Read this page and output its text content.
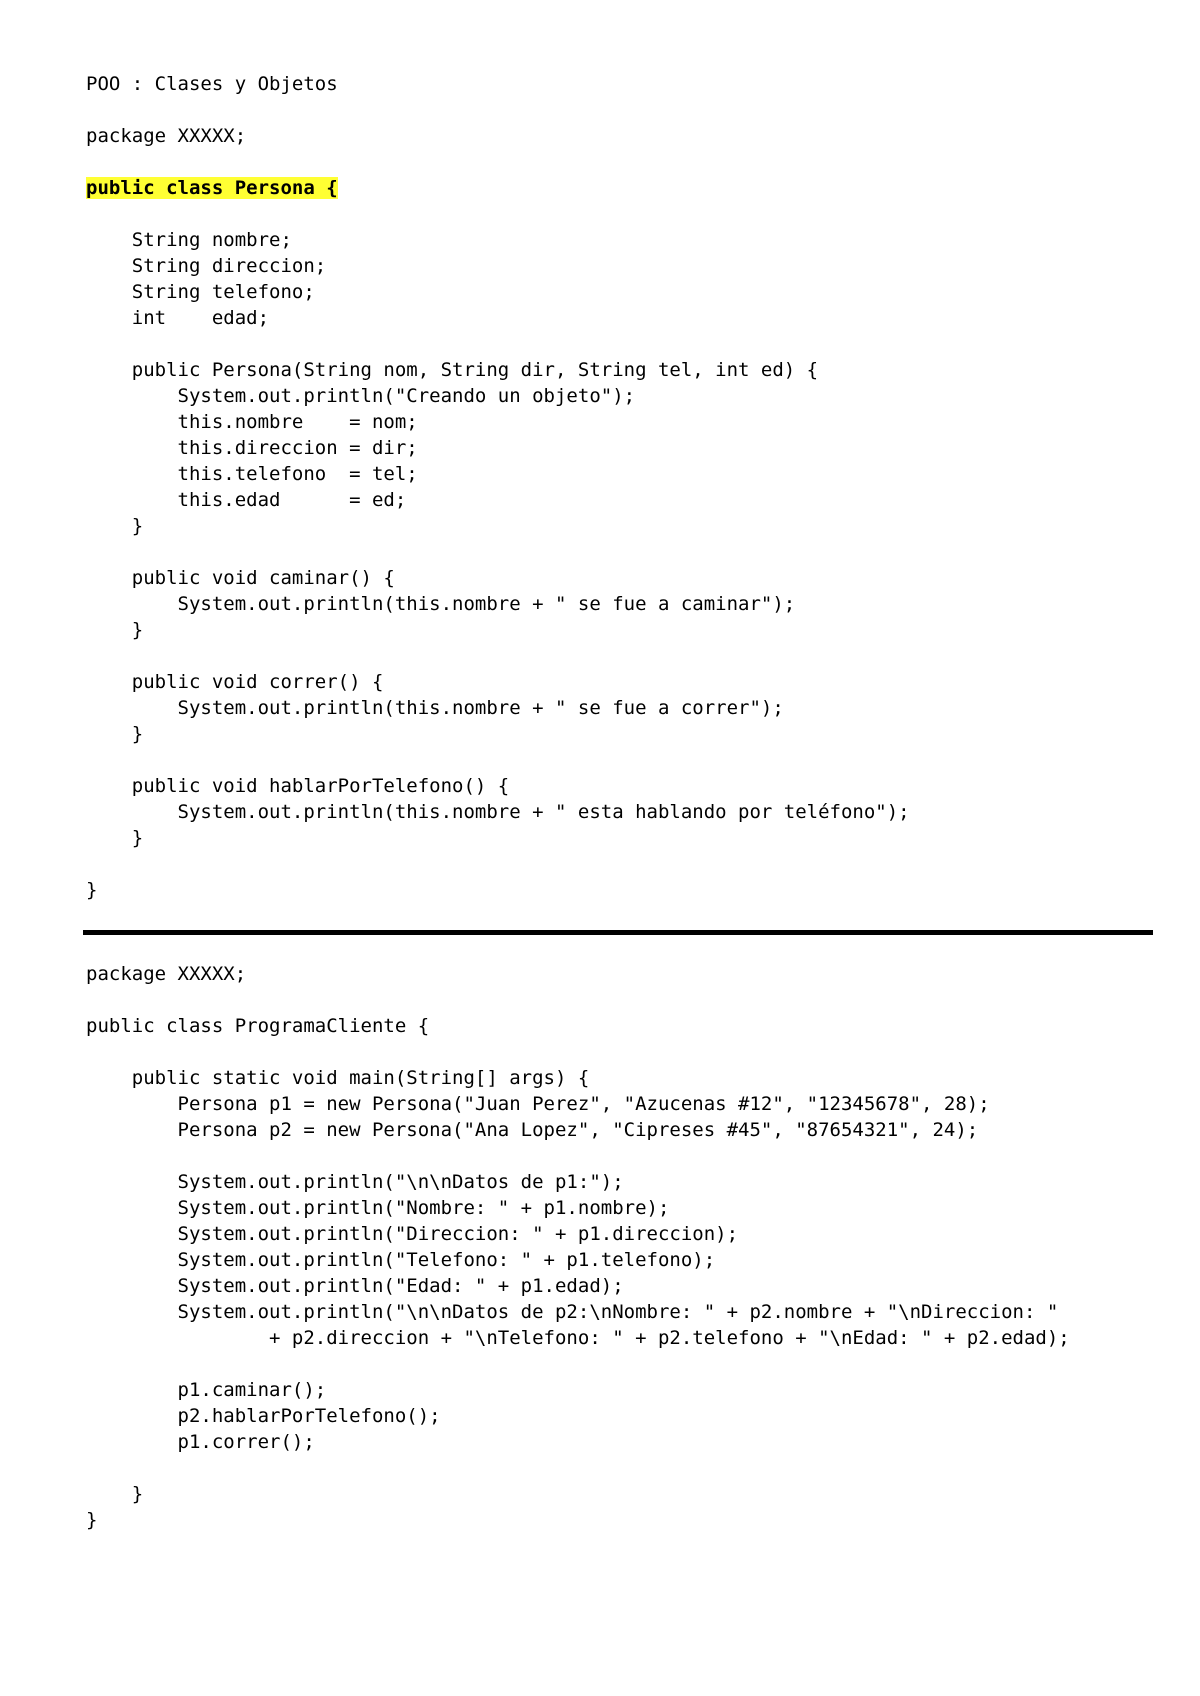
POO : Clases y Objetos
package XXXXX;
public class Persona {
String nombre;
String direccion;
String telefono;
int    edad;
public Persona(String nom, String dir, String tel, int ed) {
System.out.println("Creando un objeto");
this.nombre    = nom;
this.direccion = dir;
this.telefono  = tel;
this.edad      = ed;
}
public void caminar() {
System.out.println(this.nombre + " se fue a caminar");
}
public void correr() {
System.out.println(this.nombre + " se fue a correr");
}
public void hablarPorTelefono() {
System.out.println(this.nombre + " esta hablando por teléfono");
}
}
package XXXXX;
public class ProgramaCliente {
public static void main(String[] args) {
Persona p1 = new Persona("Juan Perez", "Azucenas #12", "12345678", 28);
Persona p2 = new Persona("Ana Lopez", "Cipreses #45", "87654321", 24);
System.out.println("\n\nDatos de p1:");
System.out.println("Nombre: " + p1.nombre);
System.out.println("Direccion: " + p1.direccion);
System.out.println("Telefono: " + p1.telefono);
System.out.println("Edad: " + p1.edad);
System.out.println("\n\nDatos de p2:\nNombre: " + p2.nombre + "\nDireccion: "
+ p2.direccion + "\nTelefono: " + p2.telefono + "\nEdad: " + p2.edad);
p1.caminar();
p2.hablarPorTelefono();
p1.correr();
}
}
